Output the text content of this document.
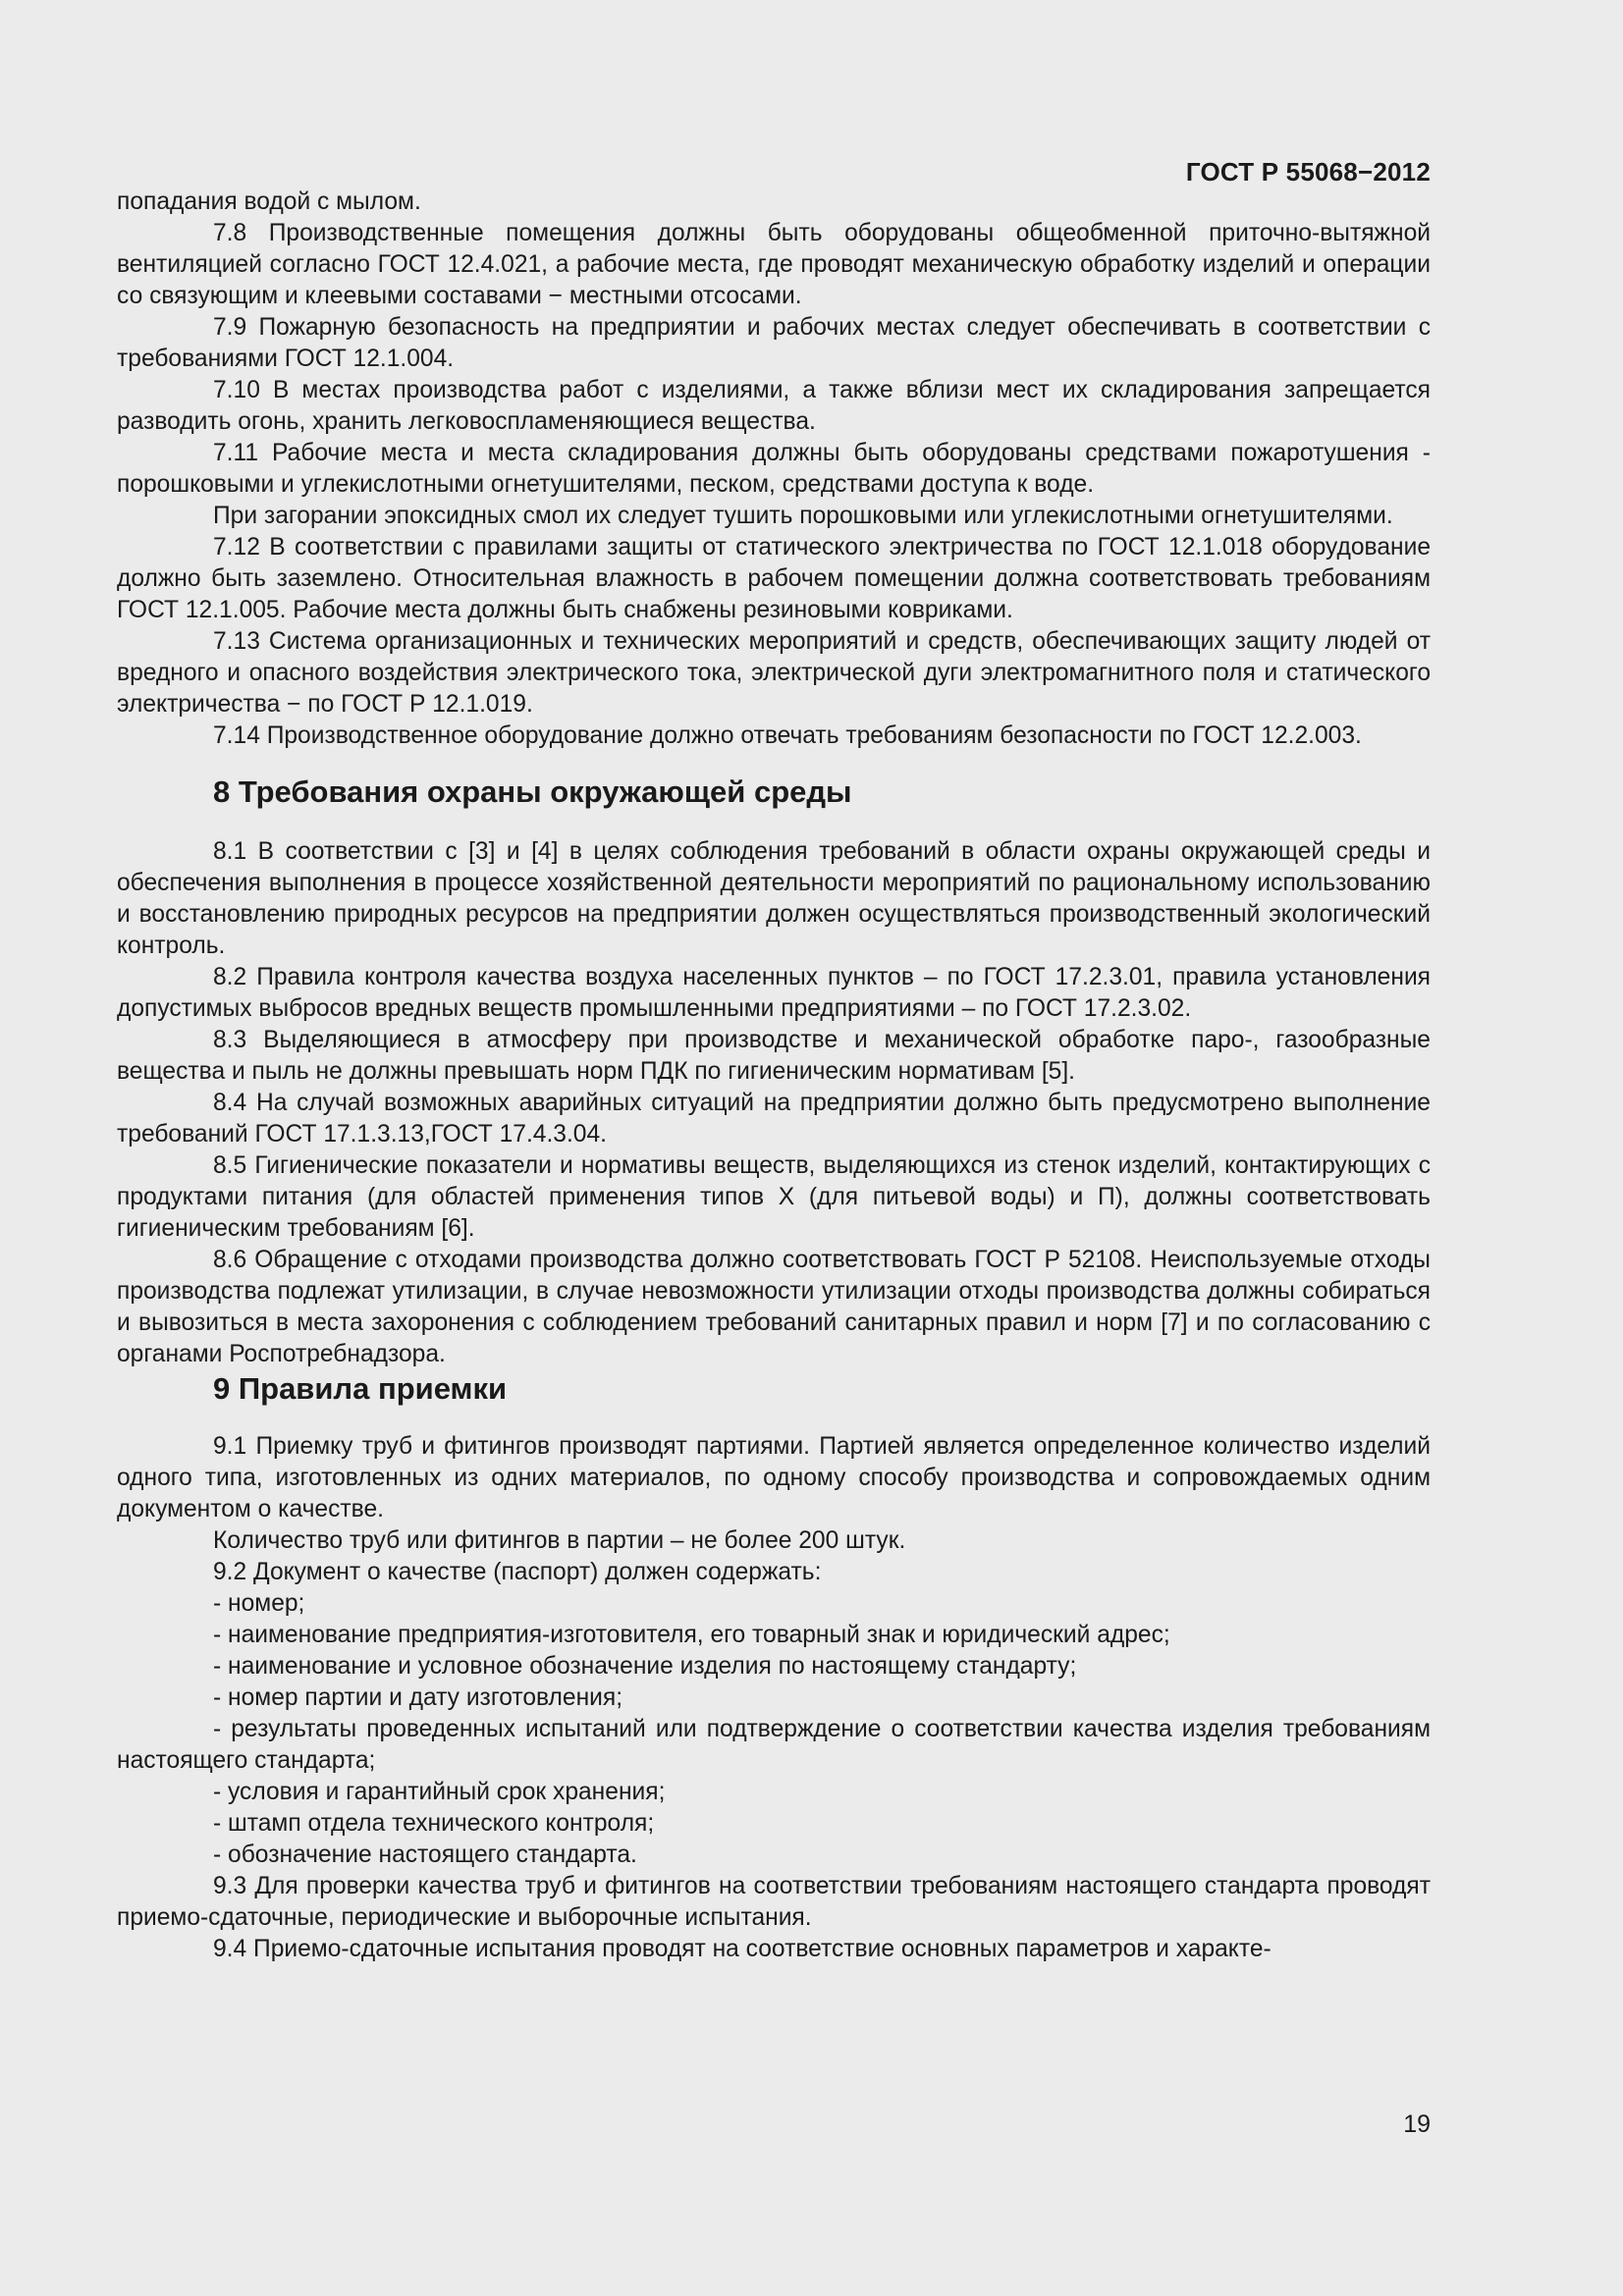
ГОСТ Р 55068−2012

попадания водой с мылом.

7.8 Производственные помещения должны быть оборудованы общеобменной приточно-вытяжной вентиляцией согласно ГОСТ 12.4.021, а рабочие места, где проводят механическую обработку изделий и операции со связующим и клеевыми составами − местными отсосами.

7.9 Пожарную безопасность на предприятии и рабочих местах следует обеспечивать в соответствии с требованиями ГОСТ 12.1.004.

7.10 В местах производства работ с изделиями, а также вблизи мест их складирования запрещается разводить огонь, хранить легковоспламеняющиеся вещества.

7.11 Рабочие места и места складирования должны быть оборудованы средствами пожаротушения - порошковыми и углекислотными огнетушителями, песком, средствами доступа к воде.

При загорании эпоксидных смол их следует тушить порошковыми или углекислотными огнетушителями.

7.12 В соответствии с правилами защиты от статического электричества по ГОСТ 12.1.018 оборудование должно быть заземлено. Относительная влажность в рабочем помещении должна соответствовать требованиям ГОСТ 12.1.005. Рабочие места должны быть снабжены резиновыми ковриками.

7.13 Система организационных и технических мероприятий и средств, обеспечивающих защиту людей от вредного и опасного воздействия электрического тока, электрической дуги электромагнитного поля и статического электричества − по ГОСТ Р 12.1.019.

7.14 Производственное оборудование должно отвечать требованиям безопасности по ГОСТ 12.2.003.

8 Требования охраны окружающей среды

8.1 В соответствии с [3] и [4] в целях соблюдения требований в области охраны окружающей среды и обеспечения выполнения в процессе хозяйственной деятельности мероприятий по рациональному использованию и восстановлению природных ресурсов на предприятии должен осуществляться производственный экологический контроль.

8.2 Правила контроля качества воздуха населенных пунктов – по ГОСТ 17.2.3.01, правила установления допустимых выбросов вредных веществ промышленными предприятиями – по ГОСТ 17.2.3.02.

8.3 Выделяющиеся в атмосферу при производстве и механической обработке паро-, газообразные вещества и пыль не должны превышать норм ПДК по гигиеническим нормативам [5].

8.4 На случай возможных аварийных ситуаций на предприятии должно быть предусмотрено выполнение требований ГОСТ 17.1.3.13,ГОСТ 17.4.3.04.

8.5 Гигиенические показатели и нормативы веществ, выделяющихся из стенок изделий, контактирующих с продуктами питания (для областей применения типов Х (для питьевой воды) и П), должны соответствовать гигиеническим требованиям [6].

8.6 Обращение с отходами производства должно соответствовать ГОСТ Р 52108. Неиспользуемые отходы производства подлежат утилизации, в случае невозможности утилизации отходы производства должны собираться и вывозиться в места захоронения с соблюдением требований санитарных правил и норм [7] и по согласованию с органами Роспотребнадзора.

9 Правила приемки

9.1 Приемку труб и фитингов производят партиями. Партией является определенное количество изделий одного типа, изготовленных из одних материалов, по одному способу производства и сопровождаемых одним документом о качестве.

Количество труб или фитингов в партии – не более 200 штук.

9.2 Документ о качестве (паспорт) должен содержать:

- номер;

- наименование предприятия-изготовителя, его товарный знак и юридический адрес;

- наименование и условное обозначение изделия по настоящему стандарту;

- номер партии и дату изготовления;

- результаты проведенных испытаний или подтверждение о соответствии качества изделия требованиям настоящего стандарта;

- условия и гарантийный срок хранения;

- штамп отдела технического контроля;

- обозначение настоящего стандарта.

9.3 Для проверки качества труб и фитингов на соответствии требованиям настоящего стандарта проводят приемо-сдаточные, периодические и выборочные испытания.

9.4 Приемо-сдаточные испытания проводят на соответствие основных параметров и характе-

19
